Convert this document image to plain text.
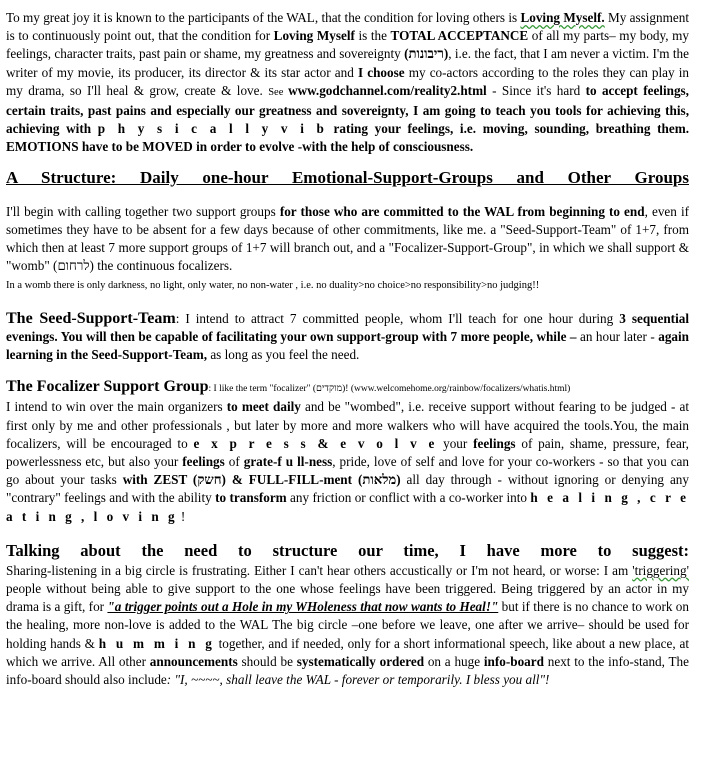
To my great joy it is known to the participants of the WAL, that the condition for loving others is Loving Myself. My assignment is to continuously point out, that the condition for Loving Myself is the TOTAL ACCEPTANCE of all my parts– my body, my feelings, character traits, past pain or shame, my greatness and sovereignty (ריבונות), i.e. the fact, that I am never a victim. I'm the writer of my movie, its producer, its director & its star actor and I choose my co-actors according to the roles they can play in my drama, so I'll heal & grow, create & love. See www.godchannel.com/reality2.html - Since it's hard to accept feelings, certain traits, past pains and especially our greatness and sovereignty, I am going to teach you tools for achieving this, achieving with p h y s i c a l l y v i b rating your feelings, i.e. moving, sounding, breathing them. EMOTIONS have to be MOVED in order to evolve -with the help of consciousness.

A Structure: Daily one-hour Emotional-Support-Groups and Other Groups

I'll begin with calling together two support groups for those who are committed to the WAL from beginning to end, even if sometimes they have to be absent for a few days because of other commitments, like me. a "Seed-Support-Team" of 1+7, from which then at least 7 more support groups of 1+7 will branch out, and a "Focalizer-Support-Group", in which we shall support & "womb" (לרחום) the continuous focalizers.
In a womb there is only darkness, no light, only water, no non-water , i.e. no duality>no choice>no responsibility>no judging!!

The Seed-Support-Team: I intend to attract 7 committed people, whom I'll teach for one hour during 3 sequential evenings. You will then be capable of facilitating your own support-group with 7 more people, while – an hour later - again learning in the Seed-Support-Team, as long as you feel the need.

The Focalizer Support Group: I like the term "focalizer" (מוקדים)! (www.welcomehome.org/rainbow/focalizers/whatis.html)
I intend to win over the main organizers to meet daily and be "wombed", i.e. receive support without fearing to be judged - at first only by me and other professionals , but later by more and more walkers who will have acquired the tools.You, the main focalizers, will be encouraged to e x p r e s s & e v o l v e your feelings of pain, shame, pressure, fear, powerlessness etc, but also your feelings of grate-f u ll-ness, pride, love of self and love for your co-workers - so that you can go about your tasks with ZEST (חשק) & FULL-FILL-ment (מלאות) all day through - without ignoring or denying any "contrary" feelings and with the ability to transform any friction or conflict with a co-worker into h e a l i n g , c r e a t i n g , l o v i n g !

Talking about the need to structure our time, I have more to suggest:

Sharing-listening in a big circle is frustrating. Either I can't hear others accustically or I'm not heard, or worse: I am 'triggering' people without being able to give support to the one whose feelings have been triggered. Being triggered by an actor in my drama is a gift, for "a trigger points out a Hole in my WHoleness that now wants to Heal!" but if there is no chance to work on the healing, more non-love is added to the WAL The big circle –one before we leave, one after we arrive– should be used for holding hands & h u m m i n g together, and if needed, only for a short informational speech, like about a new place, at which we arrive. All other announcements should be systematically ordered on a huge info-board next to the info-stand, The info-board should also include: "I, ~~~~, shall leave the WAL - forever or temporarily. I bless you all"!
